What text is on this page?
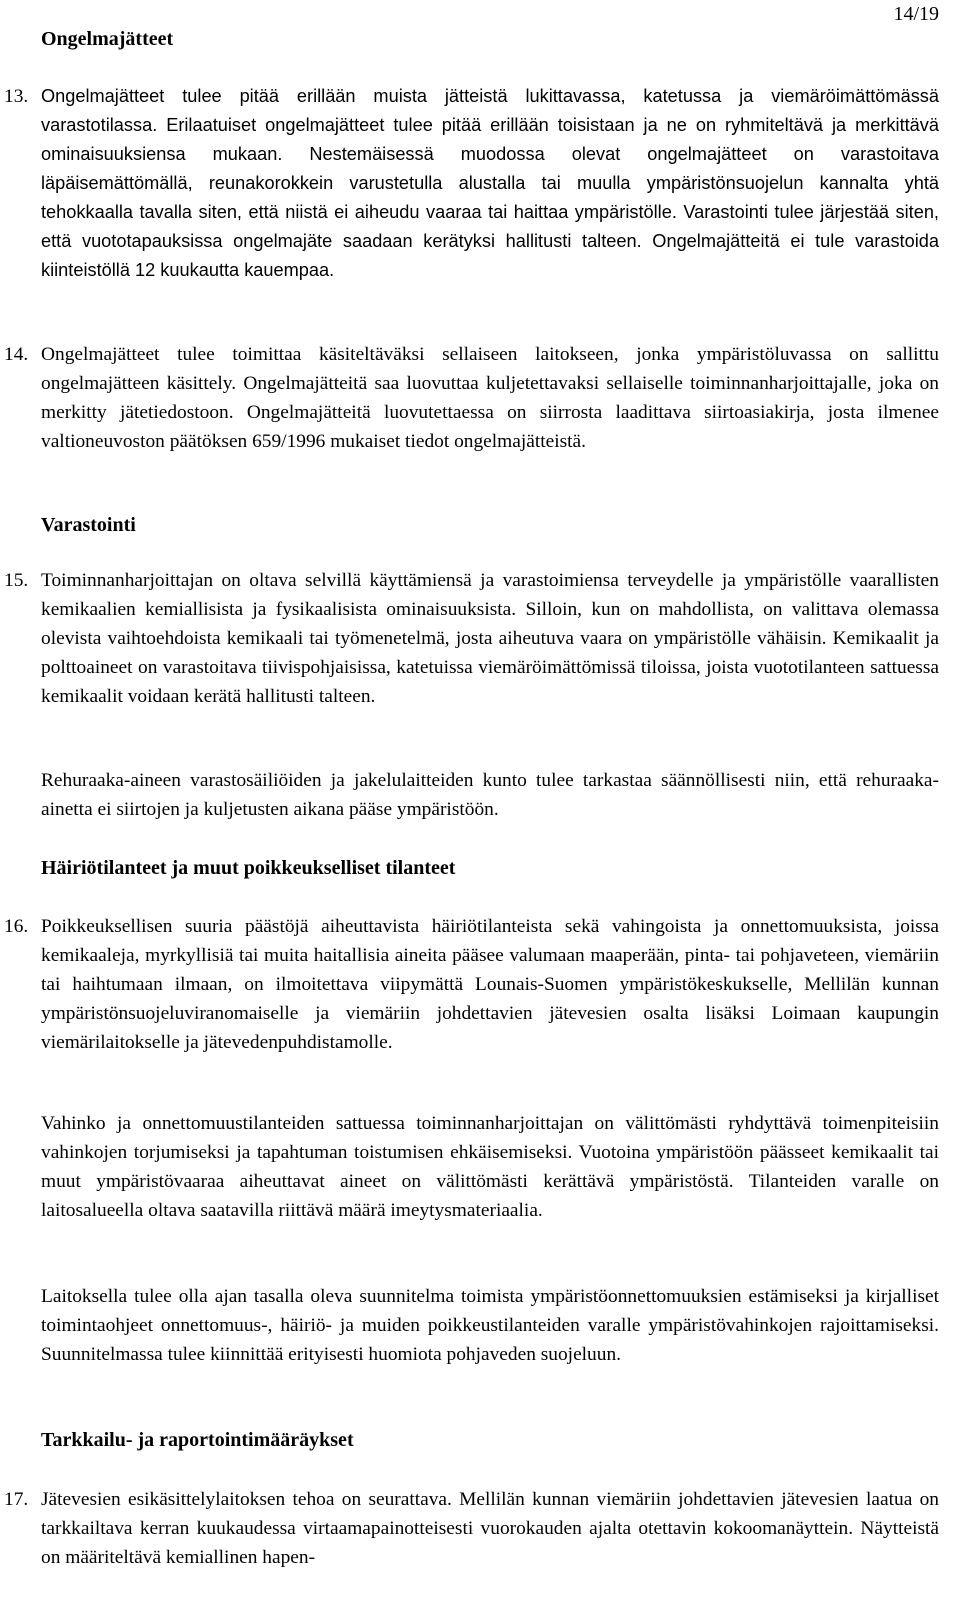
14/19
Ongelmajätteet
13. Ongelmajätteet tulee pitää erillään muista jätteistä lukittavassa, katetussa ja viemäröimättömässä varastotilassa. Erilaatuiset ongelmajätteet tulee pitää erillään toisistaan ja ne on ryhmiteltävä ja merkittävä ominaisuuksiensa mukaan. Nestemäisessä muodossa olevat ongelmajätteet on varastoitava läpäisemättömällä, reunakorokkein varustetulla alustalla tai muulla ympäristönsuojelun kannalta yhtä tehokkaalla tavalla siten, että niistä ei aiheudu vaaraa tai haittaa ympäristölle. Varastointi tulee järjestää siten, että vuototapauksissa ongelmajäte saadaan kerätyksi hallitusti talteen. Ongelmajätteitä ei tule varastoida kiinteistöllä 12 kuukautta kauempaa.
14. Ongelmajätteet tulee toimittaa käsiteltäväksi sellaiseen laitokseen, jonka ympäristöluvassa on sallittu ongelmajätteen käsittely. Ongelmajätteitä saa luovuttaa kuljetettavaksi sellaiselle toiminnanharjoittajalle, joka on merkitty jätetiedostoon. Ongelmajätteitä luovutettaessa on siirrosta laadittava siirtoasiakirja, josta ilmenee valtioneuvoston päätöksen 659/1996 mukaiset tiedot ongelmajätteistä.
Varastointi
15. Toiminnanharjoittajan on oltava selvillä käyttämiensä ja varastoimiensa terveydelle ja ympäristölle vaarallisten kemikaalien kemiallisista ja fysikaalisista ominaisuuksista. Silloin, kun on mahdollista, on valittava olemassa olevista vaihtoehdoista kemikaali tai työmenetelmä, josta aiheutuva vaara on ympäristölle vähäisin. Kemikaalit ja polttoaineet on varastoitava tiivispohjaisissa, katetuissa viemäröimättömissä tiloissa, joista vuototilanteen sattuessa kemikaalit voidaan kerätä hallitusti talteen.
Rehuraaka-aineen varastosäiliöiden ja jakelulaitteiden kunto tulee tarkastaa säännöllisesti niin, että rehuraaka-ainetta ei siirtojen ja kuljetusten aikana pääse ympäristöön.
Häiriötilanteet ja muut poikkeukselliset tilanteet
16. Poikkeuksellisen suuria päästöjä aiheuttavista häiriötilanteista sekä vahingoista ja onnettomuuksista, joissa kemikaaleja, myrkyllisiä tai muita haitallisia aineita pääsee valumaan maaperään, pinta- tai pohjaveteen, viemäriin tai haihtumaan ilmaan, on ilmoitettava viipymättä Lounais-Suomen ympäristökeskukselle, Mellilän kunnan ympäristönsuojeluviranomaiselle ja viemäriin johdettavien jätevesien osalta lisäksi Loimaan kaupungin viemärilaitokselle ja jätevedenpuhdistamolle.
Vahinko ja onnettomuustilanteiden sattuessa toiminnanharjoittajan on välittömästi ryhdyttävä toimenpiteisiin vahinkojen torjumiseksi ja tapahtuman toistumisen ehkäisemiseksi. Vuotoina ympäristöön päässeet kemikaalit tai muut ympäristövaaraa aiheuttavat aineet on välittömästi kerättävä ympäristöstä. Tilanteiden varalle on laitosalueella oltava saatavilla riittävä määrä imeytysmateriaalia.
Laitoksella tulee olla ajan tasalla oleva suunnitelma toimista ympäristöonnettomuuksien estämiseksi ja kirjalliset toimintaohjeet onnettomuus-, häiriö- ja muiden poikkeustilanteiden varalle ympäristövahinkojen rajoittamiseksi. Suunnitelmassa tulee kiinnittää erityisesti huomiota pohjaveden suojeluun.
Tarkkailu- ja raportointimääräykset
17. Jätevesien esikäsittelylaitoksen tehoa on seurattava. Mellilän kunnan viemäriin johdettavien jätevesien laatua on tarkkailtava kerran kuukaudessa virtaamapainotteisesti vuorokauden ajalta otettavin kokoomanäyttein. Näytteistä on määriteltävä kemiallinen hapen-
